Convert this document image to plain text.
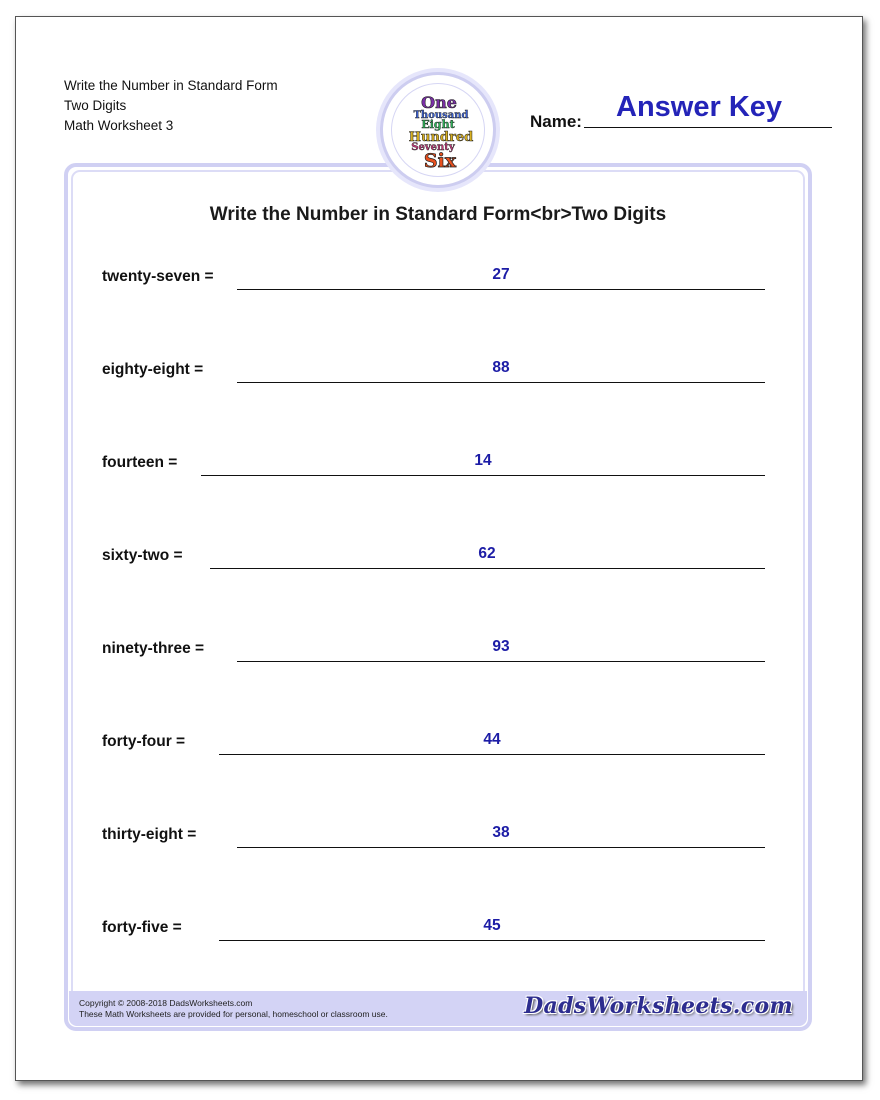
Write the Number in Standard Form
Two Digits
Math Worksheet 3
One
Thousand
Eight
Hundred
Seventy
Six
Name: Answer Key
Write the Number in Standard Form<br>Two Digits
twenty-seven =	27
eighty-eight =	88
fourteen =	14
sixty-two =	62
ninety-three =	93
forty-four =	44
thirty-eight =	38
forty-five =	45
Copyright © 2008-2018 DadsWorksheets.com
These Math Worksheets are provided for personal, homeschool or classroom use.	DadsWorksheets.com
